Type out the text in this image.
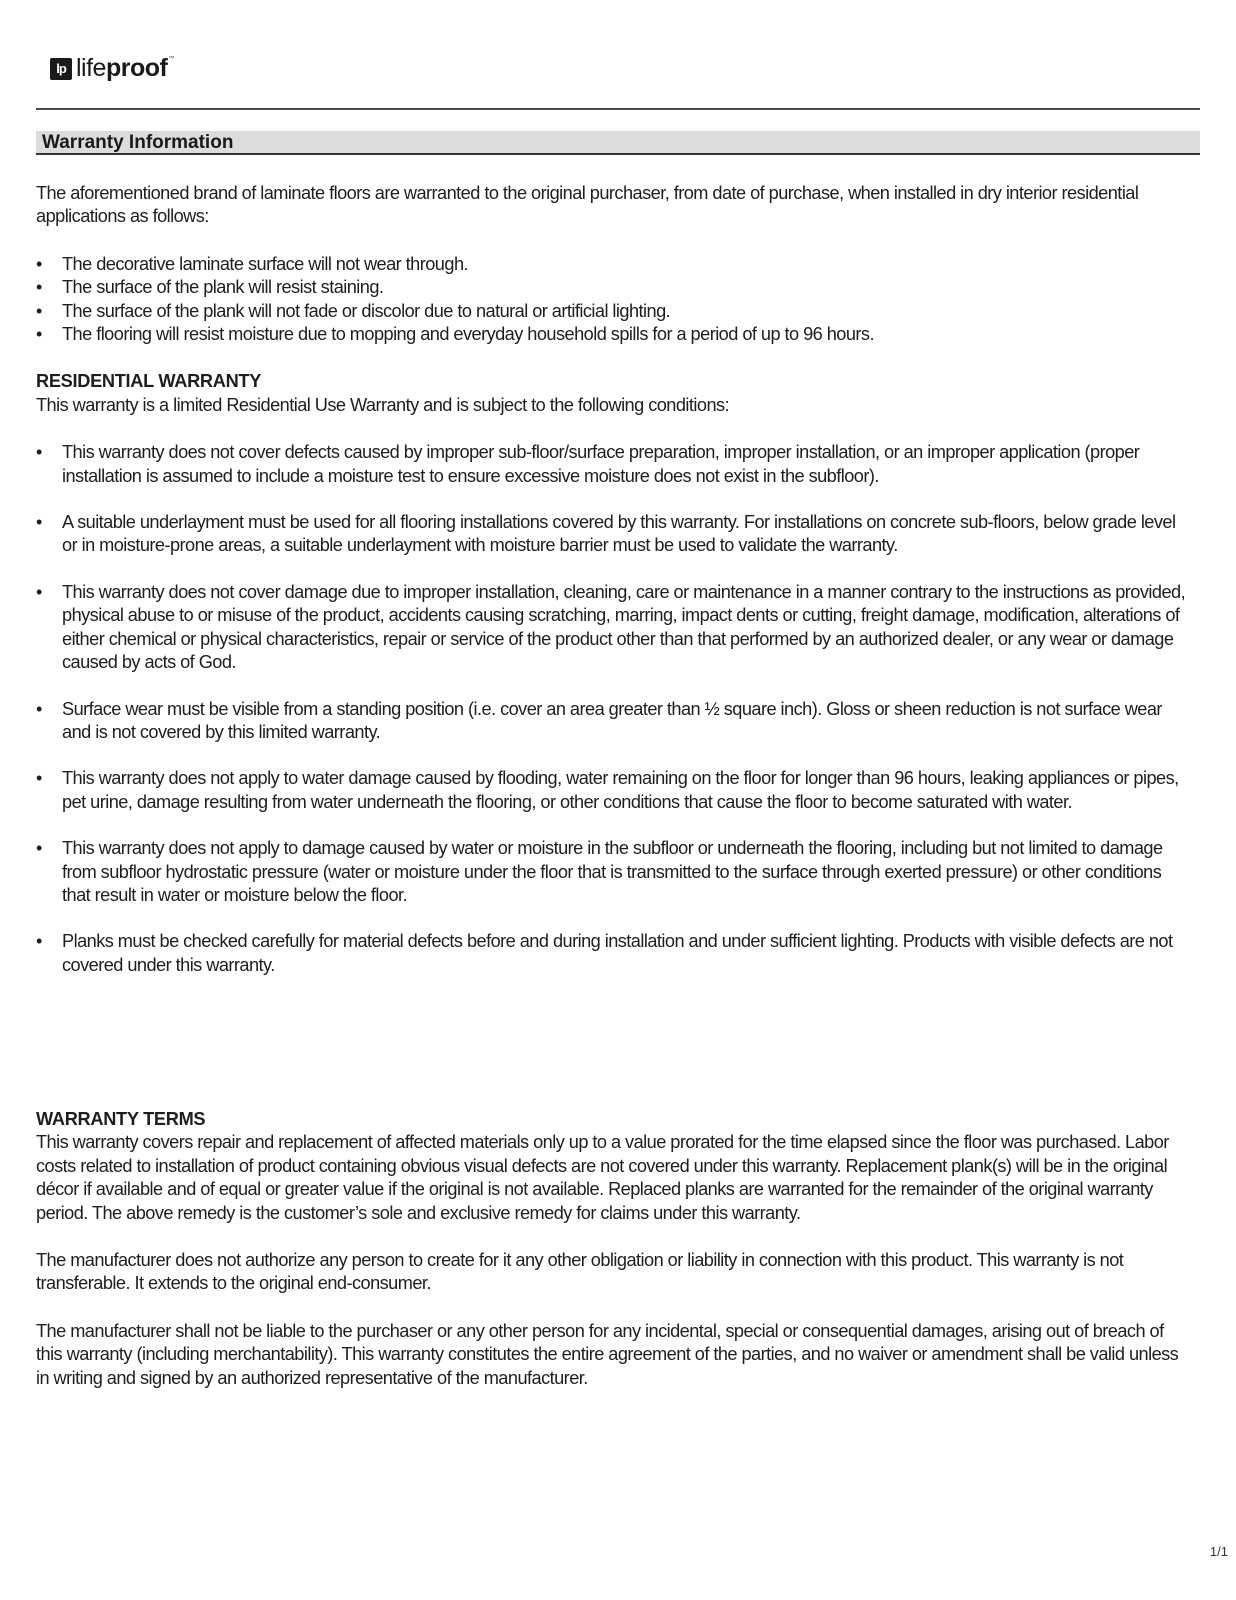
lp lifeproof™
Warranty Information

The aforementioned brand of laminate floors are warranted to the original purchaser, from date of purchase, when installed in dry interior residential applications as follows:

• The decorative laminate surface will not wear through.
• The surface of the plank will resist staining.
• The surface of the plank will not fade or discolor due to natural or artificial lighting.
• The flooring will resist moisture due to mopping and everyday household spills for a period of up to 96 hours.

RESIDENTIAL WARRANTY

This warranty is a limited Residential Use Warranty and is subject to the following conditions:

• This warranty does not cover defects caused by improper sub-floor/surface preparation, improper installation, or an improper application (proper installation is assumed to include a moisture test to ensure excessive moisture does not exist in the subfloor).
• A suitable underlayment must be used for all flooring installations covered by this warranty. For installations on concrete sub-floors, below grade level or in moisture-prone areas, a suitable underlayment with moisture barrier must be used to validate the warranty.
• This warranty does not cover damage due to improper installation, cleaning, care or maintenance in a manner contrary to the instructions as provided, physical abuse to or misuse of the product, accidents causing scratching, marring, impact dents or cutting, freight damage, modification, alterations of either chemical or physical characteristics, repair or service of the product other than that performed by an authorized dealer, or any wear or damage caused by acts of God.
• Surface wear must be visible from a standing position (i.e. cover an area greater than ½ square inch). Gloss or sheen reduction is not surface wear and is not covered by this limited warranty.
• This warranty does not apply to water damage caused by flooding, water remaining on the floor for longer than 96 hours, leaking appliances or pipes, pet urine, damage resulting from water underneath the flooring, or other conditions that cause the floor to become saturated with water.
• This warranty does not apply to damage caused by water or moisture in the subfloor or underneath the flooring, including but not limited to damage from subfloor hydrostatic pressure (water or moisture under the floor that is transmitted to the surface through exerted pressure) or other conditions that result in water or moisture below the floor.
• Planks must be checked carefully for material defects before and during installation and under sufficient lighting. Products with visible defects are not covered under this warranty.

WARRANTY TERMS

This warranty covers repair and replacement of affected materials only up to a value prorated for the time elapsed since the floor was purchased. Labor costs related to installation of product containing obvious visual defects are not covered under this warranty. Replacement plank(s) will be in the original décor if available and of equal or greater value if the original is not available. Replaced planks are warranted for the remainder of the original warranty period. The above remedy is the customer’s sole and exclusive remedy for claims under this warranty.

The manufacturer does not authorize any person to create for it any other obligation or liability in connection with this product. This warranty is not transferable. It extends to the original end-consumer.

The manufacturer shall not be liable to the purchaser or any other person for any incidental, special or consequential damages, arising out of breach of this warranty (including merchantability). This warranty constitutes the entire agreement of the parties, and no waiver or amendment shall be valid unless in writing and signed by an authorized representative of the manufacturer.

1/1
